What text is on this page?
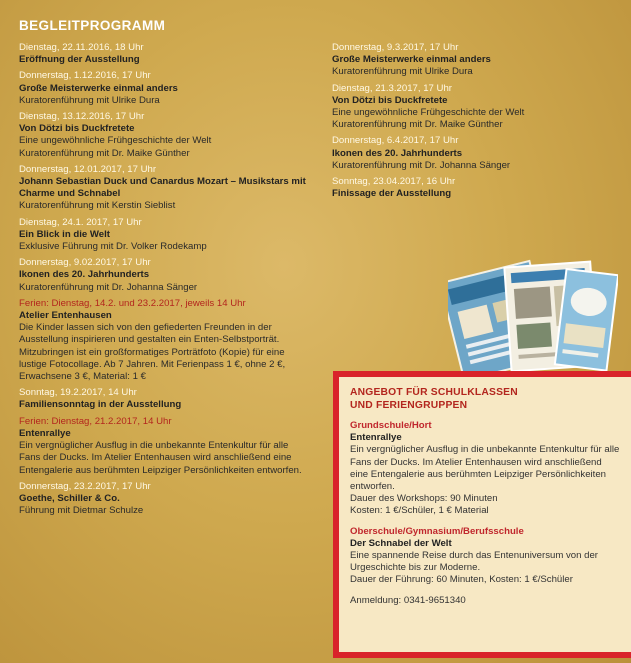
BEGLEITPROGRAMM
Dienstag, 22.11.2016, 18 Uhr
Eröffnung der Ausstellung
Donnerstag, 1.12.2016, 17 Uhr
Große Meisterwerke einmal anders
Kuratorenführung mit Ulrike Dura
Dienstag, 13.12.2016, 17 Uhr
Von Dötzi bis Duckfretete
Eine ungewöhnliche Frühgeschichte der Welt
Kuratorenführung mit Dr. Maike Günther
Donnerstag, 12.01.2017, 17 Uhr
Johann Sebastian Duck und Canardus Mozart – Musikstars mit Charme und Schnabel
Kuratorenführung mit Kerstin Sieblist
Dienstag, 24.1. 2017, 17 Uhr
Ein Blick in die Welt
Exklusive Führung mit Dr. Volker Rodekamp
Donnerstag, 9.02.2017, 17 Uhr
Ikonen des 20. Jahrhunderts
Kuratorenführung mit Dr. Johanna Sänger
Ferien: Dienstag, 14.2. und 23.2.2017, jeweils 14 Uhr
Atelier Entenhausen
Die Kinder lassen sich von den gefiederten Freunden in der Ausstellung inspirieren und gestalten ein Enten-Selbstporträt. Mitzubringen ist ein großformatiges Porträtfoto (Kopie) für eine lustige Fotocollage. Ab 7 Jahren. Mit Ferienpass 1 €, ohne 2 €, Erwachsene 3 €, Material: 1 €
Sonntag, 19.2.2017, 14 Uhr
Familiensonntag in der Ausstellung
Ferien: Dienstag, 21.2.2017, 14 Uhr
Entenrallye
Ein vergnüglicher Ausflug in die unbekannte Entenkultur für alle Fans der Ducks. Im Atelier Entenhausen wird anschließend eine Entengalerie aus berühmten Leipziger Persönlichkeiten entworfen.
Donnerstag, 23.2.2017, 17 Uhr
Goethe, Schiller & Co.
Führung mit Dietmar Schulze
Donnerstag, 9.3.2017, 17 Uhr
Große Meisterwerke einmal anders
Kuratorenführung mit Ulrike Dura
Dienstag, 21.3.2017, 17 Uhr
Von Dötzi bis Duckfretete
Eine ungewöhnliche Frühgeschichte der Welt
Kuratorenführung mit Dr. Maike Günther
Donnerstag, 6.4.2017, 17 Uhr
Ikonen des 20. Jahrhunderts
Kuratorenführung mit Dr. Johanna Sänger
Sonntag, 23.04.2017, 16 Uhr
Finissage der Ausstellung
ANGEBOT FÜR SCHULKLASSEN
UND FERIENGRUPPEN
Grundschule/Hort
Entenrallye
Ein vergnüglicher Ausflug in die unbekannte Entenkultur für alle Fans der Ducks. Im Atelier Entenhausen wird anschließend eine Entengalerie aus berühmten Leipziger Persönlichkeiten entworfen.
Dauer des Workshops: 90 Minuten
Kosten: 1 €/Schüler, 1 € Material
Oberschule/Gymnasium/Berufsschule
Der Schnabel der Welt
Eine spannende Reise durch das Entenuniversum von der Urgeschichte bis zur Moderne.
Dauer der Führung: 60 Minuten, Kosten: 1 €/Schüler
Anmeldung: 0341-9651340
